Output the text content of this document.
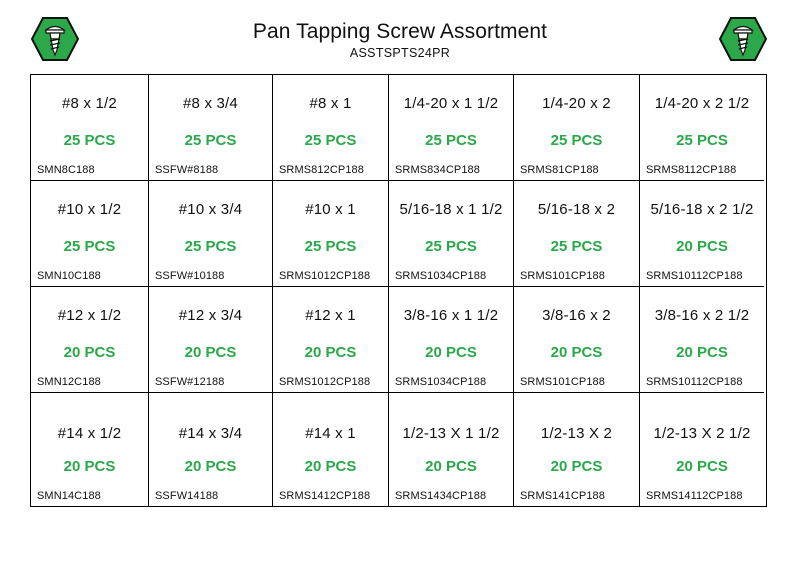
Pan Tapping Screw Assortment
ASSTSPTS24PR
#8 x 1/2
25 PCS
SMN8C188
#8 x 3/4
25 PCS
SSFW#8188
#8 x 1
25 PCS
SRMS812CP188
1/4-20 x 1 1/2
25 PCS
SRMS834CP188
1/4-20 x 2
25 PCS
SRMS81CP188
1/4-20 x 2 1/2
25 PCS
SRMS8112CP188
#10 x 1/2
25 PCS
SMN10C188
#10 x 3/4
25 PCS
SSFW#10188
#10 x 1
25 PCS
SRMS1012CP188
5/16-18 x 1 1/2
25 PCS
SRMS1034CP188
5/16-18 x 2
25 PCS
SRMS101CP188
5/16-18 x 2 1/2
20 PCS
SRMS10112CP188
#12 x 1/2
20 PCS
SMN12C188
#12 x 3/4
20 PCS
SSFW#12188
#12 x 1
20 PCS
SRMS1012CP188
3/8-16 x 1 1/2
20 PCS
SRMS1034CP188
3/8-16 x 2
20 PCS
SRMS101CP188
3/8-16 x 2 1/2
20 PCS
SRMS10112CP188
#14 x 1/2
20 PCS
SMN14C188
#14 x 3/4
20 PCS
SSFW14188
#14 x 1
20 PCS
SRMS1412CP188
1/2-13 X 1 1/2
20 PCS
SRMS1434CP188
1/2-13 X 2
20 PCS
SRMS141CP188
1/2-13 X 2 1/2
20 PCS
SRMS14112CP188
